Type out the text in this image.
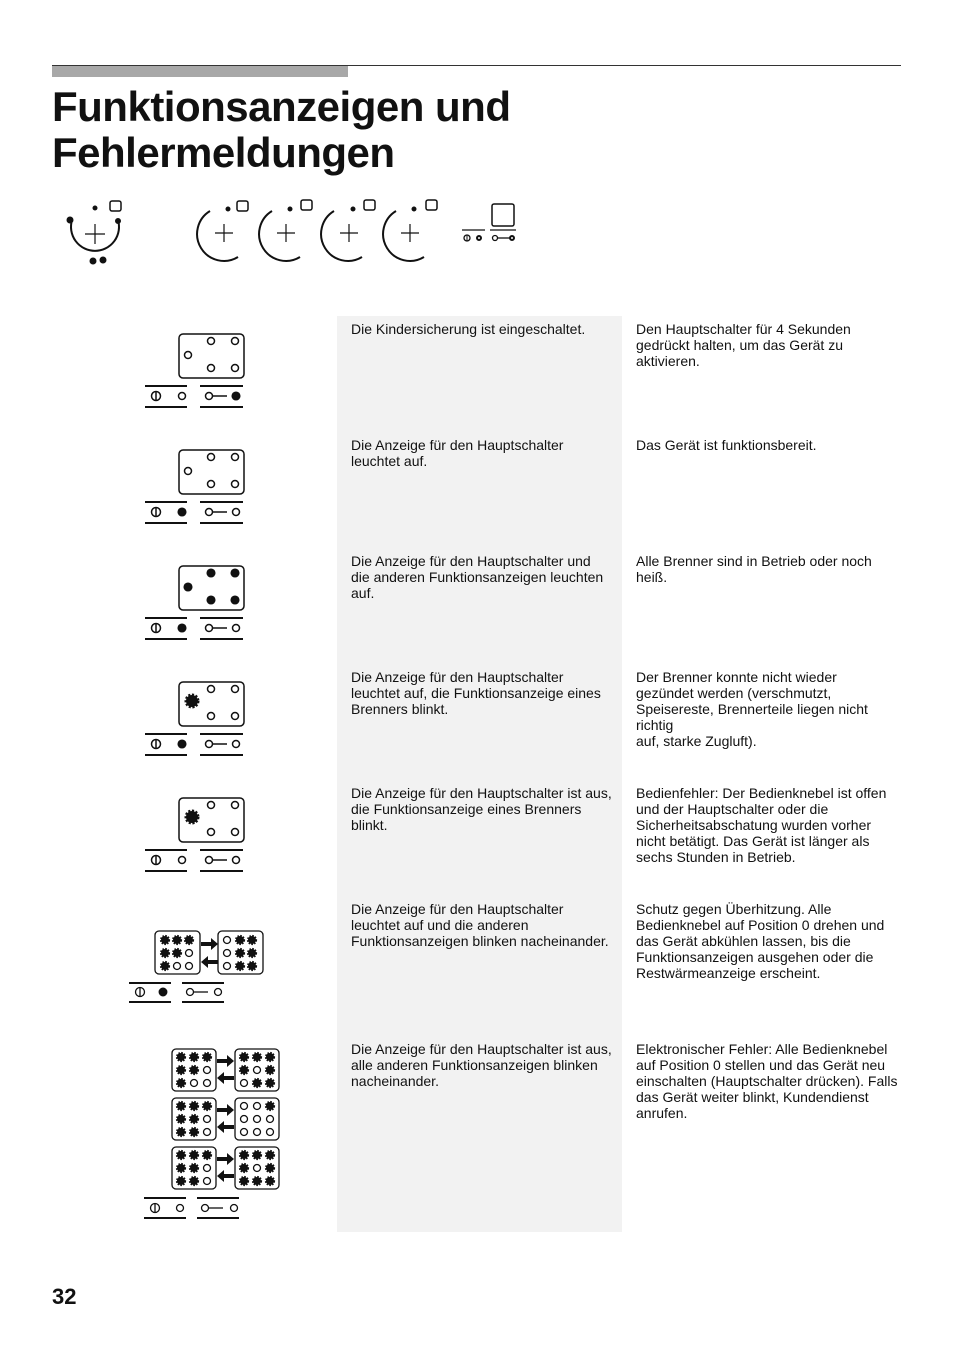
Funktionsanzeigen und
Fehlermeldungen

Die Kindersicherung ist eingeschaltet.	Den Hauptschalter für 4 Sekunden gedrückt halten, um das Gerät zu aktivieren.

Die Anzeige für den Hauptschalter leuchtet auf.

Das Gerät ist funktionsbereit.

Die Anzeige für den Hauptschalter und die anderen Funktionsanzeigen leuchten auf.

Alle Brenner sind in Betrieb oder noch heiß.

Die Anzeige für den Hauptschalter leuchtet auf, die Funktionsanzeige eines Brenners blinkt.

Der Brenner konnte nicht wieder gezündet werden (verschmutzt, Speisereste, Brennerteile liegen nicht richtig
auf, starke Zugluft).

Die Anzeige für den Hauptschalter ist aus, die Funktionsanzeige eines Brenners blinkt.

Bedienfehler: Der Bedienknebel ist offen und der Hauptschalter oder die Sicherheitsabschatung wurden vorher nicht betätigt. Das Gerät ist länger als sechs Stunden in Betrieb.

Die Anzeige für den Hauptschalter leuchtet auf und die anderen Funktionsanzeigen blinken nacheinander.

Schutz gegen Überhitzung. Alle Bedienknebel auf Position 0 drehen und das Gerät abkühlen lassen, bis die Funktionsanzeigen ausgehen oder die Restwärmeanzeige erscheint.

Die Anzeige für den Hauptschalter ist aus, alle anderen Funktionsanzeigen blinken nacheinander.

Elektronischer Fehler: Alle Bedienknebel auf Position 0 stellen und das Gerät neu einschalten (Hauptschalter drücken). Falls das Gerät weiter blinkt, Kundendienst anrufen.

32
